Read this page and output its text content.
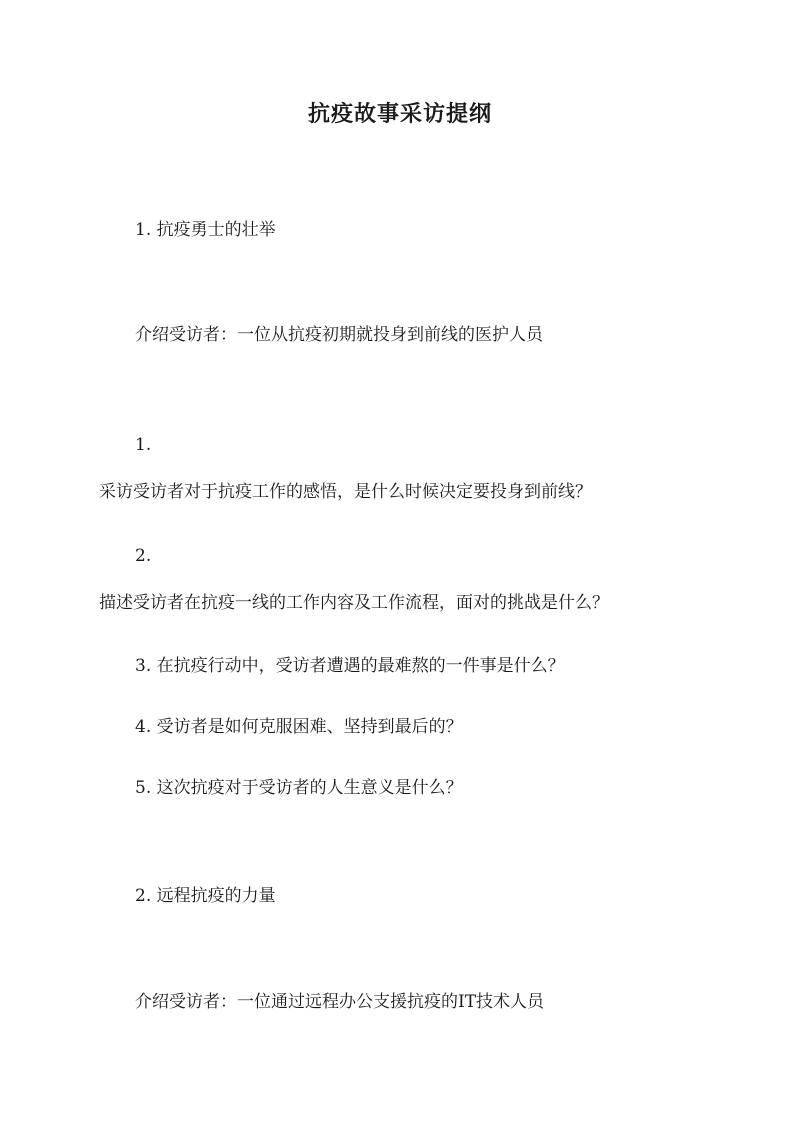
抗疫故事采访提纲
1. 抗疫勇士的壮举
介绍受访者：一位从抗疫初期就投身到前线的医护人员
1.
采访受访者对于抗疫工作的感悟，是什么时候决定要投身到前线？
2.
描述受访者在抗疫一线的工作内容及工作流程，面对的挑战是什么？
3. 在抗疫行动中，受访者遭遇的最难熬的一件事是什么？
4. 受访者是如何克服困难、坚持到最后的？
5. 这次抗疫对于受访者的人生意义是什么？
2. 远程抗疫的力量
介绍受访者：一位通过远程办公支援抗疫的IT技术人员
